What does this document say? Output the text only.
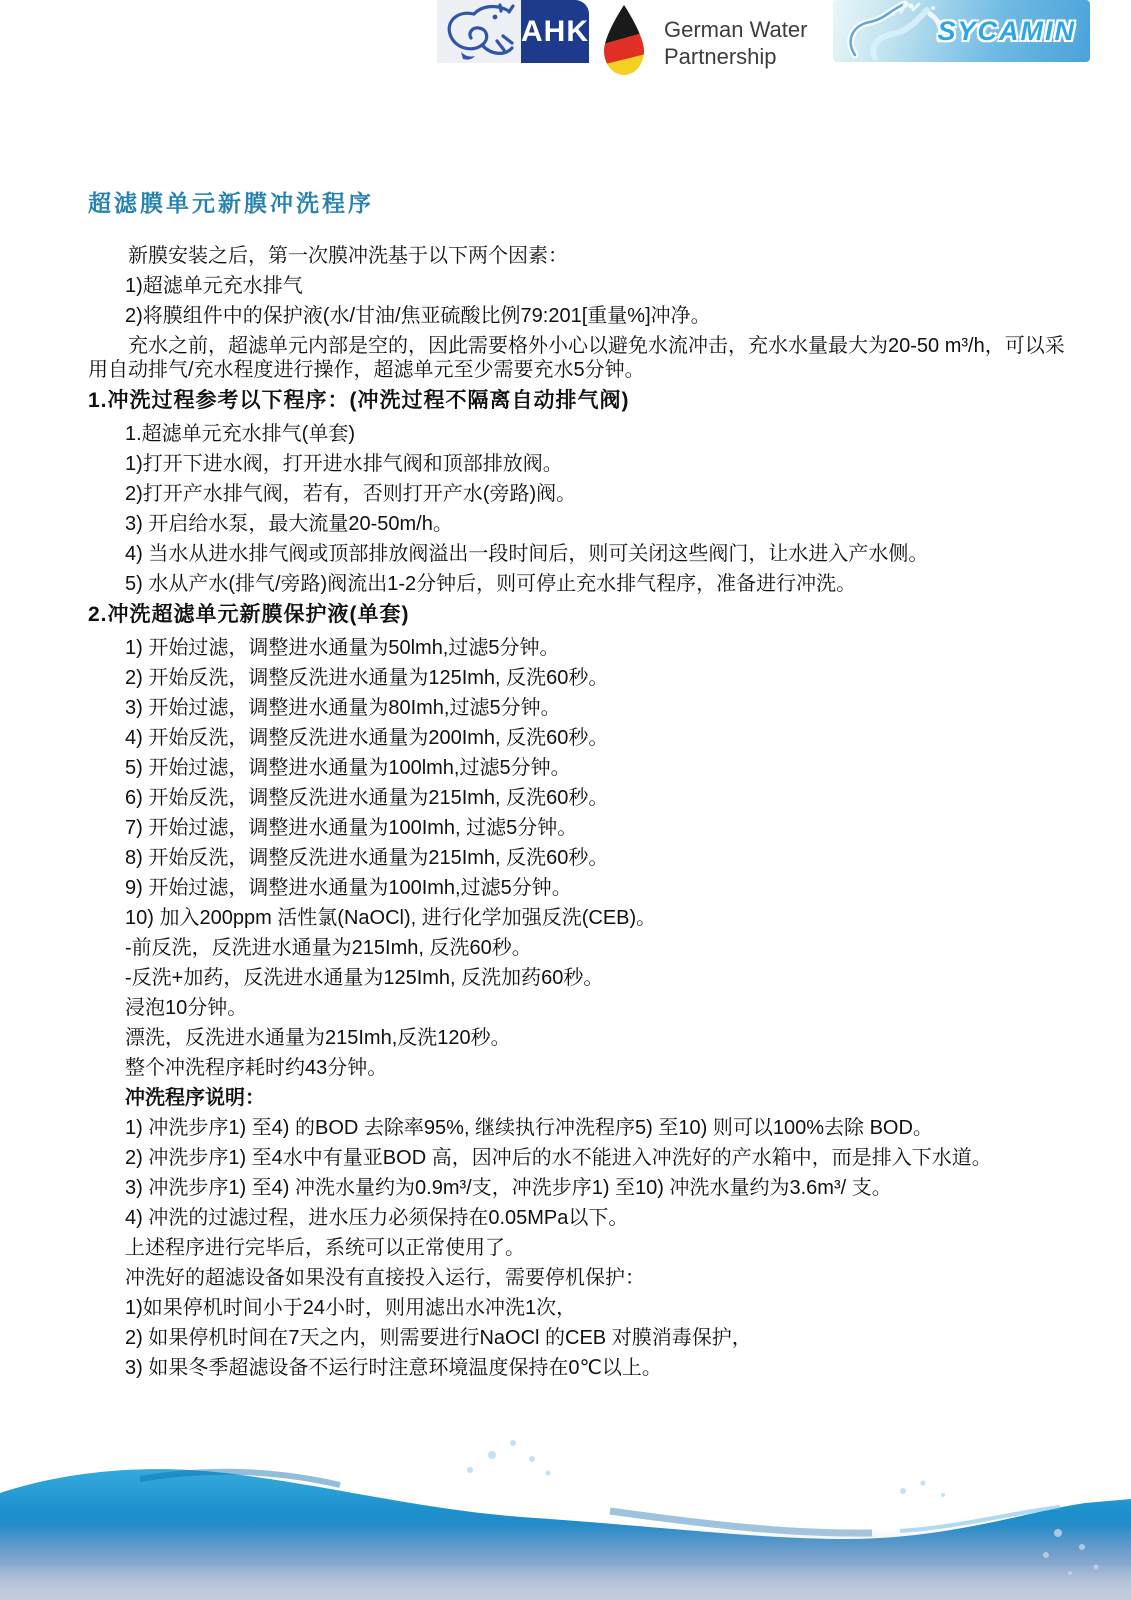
AHK	German Water
Partnership
SYCAMIN
超滤膜单元新膜冲洗程序

新膜安装之后，第一次膜冲洗基于以下两个因素：

1)超滤单元充水排气

2)将膜组件中的保护液(水/甘油/焦亚硫酸比例79:201[重量%]冲净。

充水之前，超滤单元内部是空的，因此需要格外小心以避免水流冲击，充水水量最大为20-50 m³/h，可以采用自动排气/充水程度进行操作，超滤单元至少需要充水5分钟。

1.冲洗过程参考以下程序：(冲洗过程不隔离自动排气阀)

1.超滤单元充水排气(单套)

1)打开下进水阀，打开进水排气阀和顶部排放阀。

2)打开产水排气阀，若有，否则打开产水(旁路)阀。

3) 开启给水泵，最大流量20-50m/h。

4) 当水从进水排气阀或顶部排放阀溢出一段时间后，则可关闭这些阀门，让水进入产水侧。

5) 水从产水(排气/旁路)阀流出1-2分钟后，则可停止充水排气程序，准备进行冲洗。

2.冲洗超滤单元新膜保护液(单套)

1) 开始过滤，调整进水通量为50lmh,过滤5分钟。

2) 开始反洗，调整反洗进水通量为125Imh, 反洗60秒。

3) 开始过滤，调整进水通量为80Imh,过滤5分钟。

4) 开始反洗，调整反洗进水通量为200Imh, 反洗60秒。

5) 开始过滤，调整进水通量为100lmh,过滤5分钟。

6) 开始反洗，调整反洗进水通量为215Imh, 反洗60秒。

7) 开始过滤，调整进水通量为100Imh, 过滤5分钟。

8) 开始反洗，调整反洗进水通量为215Imh, 反洗60秒。

9) 开始过滤，调整进水通量为100Imh,过滤5分钟。

10) 加入200ppm 活性氯(NaOCl), 进行化学加强反洗(CEB)。

-前反洗，反洗进水通量为215Imh, 反洗60秒。

-反洗+加药，反洗进水通量为125Imh, 反洗加药60秒。

浸泡10分钟。

漂洗，反洗进水通量为215Imh,反洗120秒。

整个冲洗程序耗时约43分钟。

冲洗程序说明：

1) 冲洗步序1) 至4) 的BOD 去除率95%, 继续执行冲洗程序5) 至10) 则可以100%去除 BOD。

2) 冲洗步序1) 至4水中有量亚BOD 高，因冲后的水不能进入冲洗好的产水箱中，而是排入下水道。

3) 冲洗步序1) 至4) 冲洗水量约为0.9m³/支，冲洗步序1) 至10) 冲洗水量约为3.6m³/ 支。

4) 冲洗的过滤过程，进水压力必须保持在0.05MPa以下。

上述程序进行完毕后，系统可以正常使用了。

冲洗好的超滤设备如果没有直接投入运行，需要停机保护：

1)如果停机时间小于24小时，则用滤出水冲洗1次，

2) 如果停机时间在7天之内，则需要进行NaOCl 的CEB 对膜消毒保护，

3) 如果冬季超滤设备不运行时注意环境温度保持在0℃以上。
